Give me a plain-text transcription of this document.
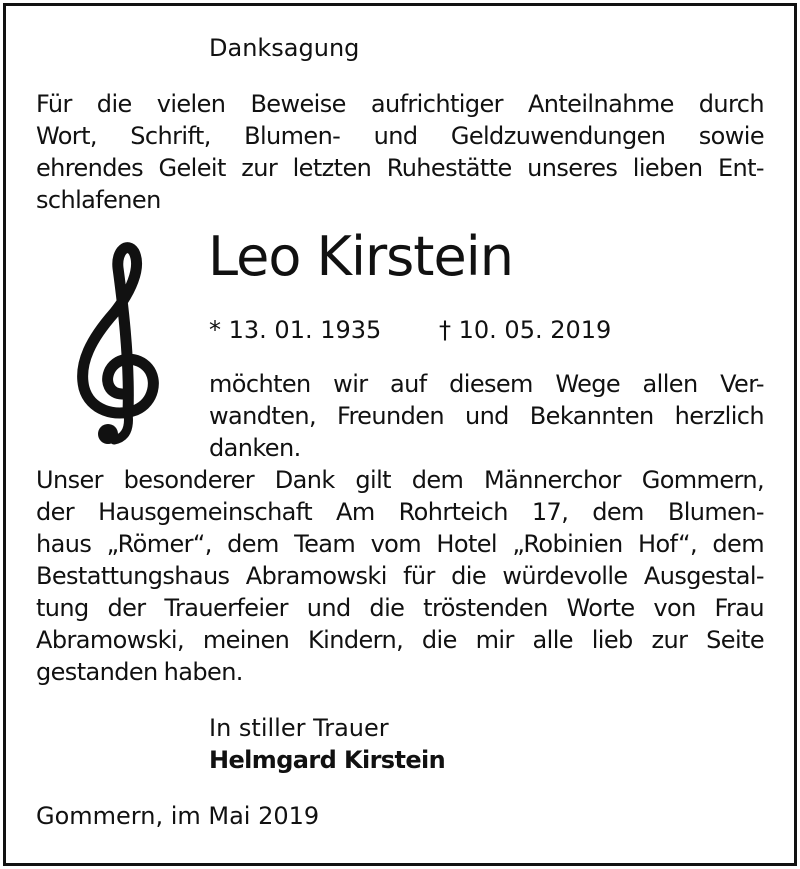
Danksagung
Für die vielen Beweise aufrichtiger Anteilnahme durch
Wort, Schrift, Blumen- und Geldzuwendungen sowie
ehrendes Geleit zur letzten Ruhestätte unseres lieben Ent-
schlafenen
Leo Kirstein
* 13. 01. 1935 † 10. 05. 2019
möchten wir auf diesem Wege allen Ver-
wandten, Freunden und Bekannten herzlich
danken.
Unser besonderer Dank gilt dem Männerchor Gommern,
der Hausgemeinschaft Am Rohrteich 17, dem Blumen-
haus „Römer“, dem Team vom Hotel „Robinien Hof“, dem
Bestattungshaus Abramowski für die würdevolle Ausgestal-
tung der Trauerfeier und die tröstenden Worte von Frau
Abramowski, meinen Kindern, die mir alle lieb zur Seite
gestanden haben.
In stiller Trauer
Helmgard Kirstein
Gommern, im Mai 2019
